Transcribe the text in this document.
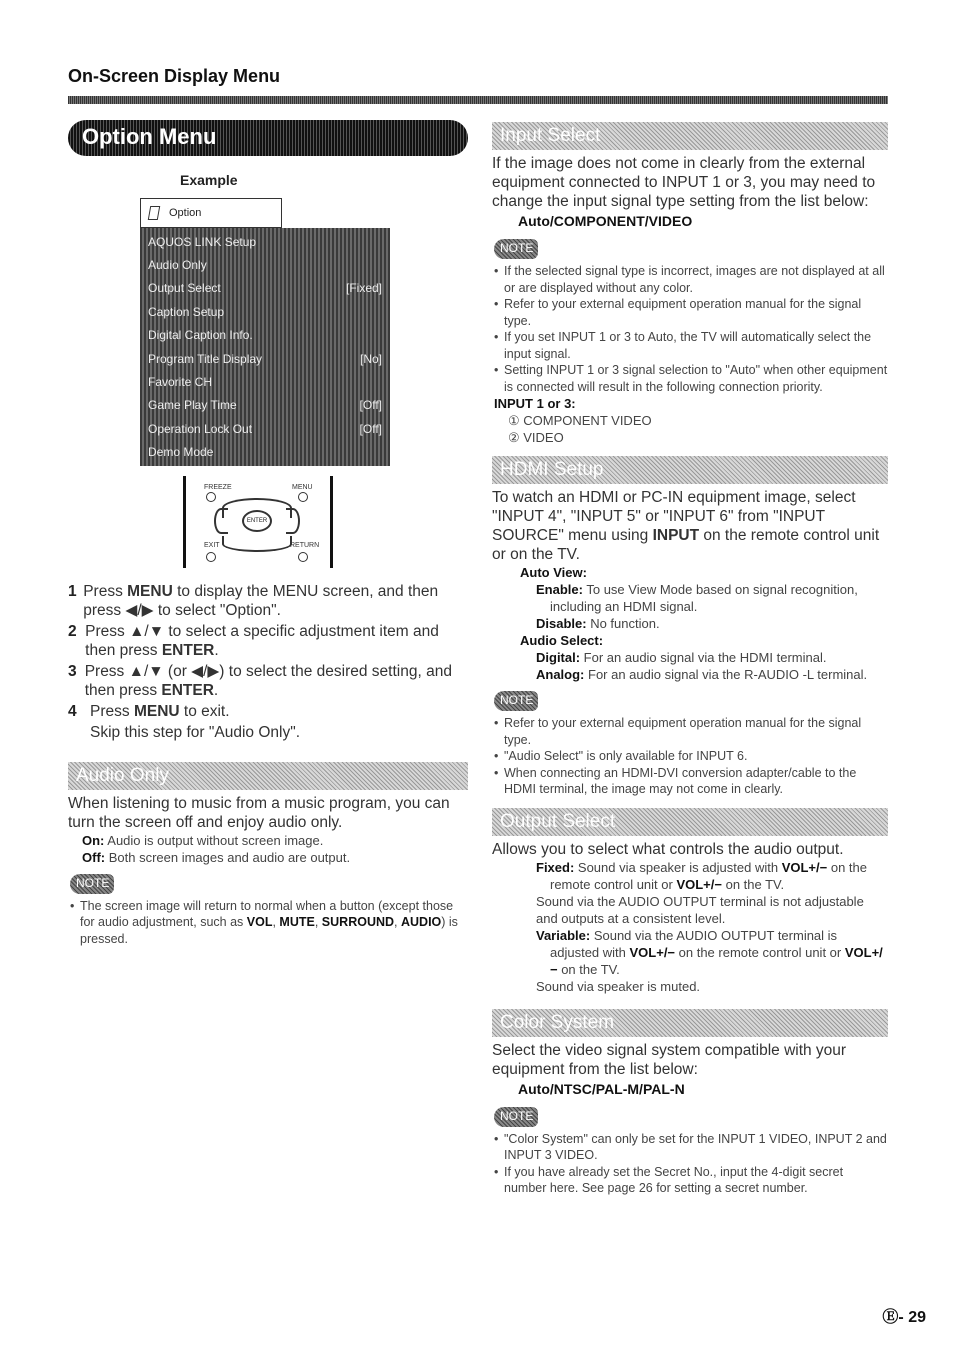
On-Screen Display Menu
Option Menu
Example
Option
AQUOS LINK Setup
Audio Only
Output Select	[Fixed]
Caption Setup
Digital Caption Info.
Program Title Display	[No]
Favorite CH
Game Play Time	[Off]
Operation Lock Out	[Off]
Demo Mode
FREEZE	MENU
ENTER
EXIT	RETURN
1 Press MENU to display the MENU screen, and then press ◀/▶ to select "Option".
2 Press ▲/▼ to select a specific adjustment item and then press ENTER.
3 Press ▲/▼ (or ◀/▶) to select the desired setting, and then press ENTER.
4 Press MENU to exit.
Skip this step for "Audio Only".
Audio Only
When listening to music from a music program, you can turn the screen off and enjoy audio only.
On: Audio is output without screen image.
Off: Both screen images and audio are output.
NOTE
• The screen image will return to normal when a button (except those for audio adjustment, such as VOL, MUTE, SURROUND, AUDIO) is pressed.
Input Select
If the image does not come in clearly from the external equipment connected to INPUT 1 or 3, you may need to change the input signal type setting from the list below:
Auto/COMPONENT/VIDEO
NOTE
• If the selected signal type is incorrect, images are not displayed at all or are displayed without any color.
• Refer to your external equipment operation manual for the signal type.
• If you set INPUT 1 or 3 to Auto, the TV will automatically select the input signal.
• Setting INPUT 1 or 3 signal selection to "Auto" when other equipment is connected will result in the following connection priority.
INPUT 1 or 3:
① COMPONENT VIDEO
② VIDEO
HDMI Setup
To watch an HDMI or PC-IN equipment image, select "INPUT 4", "INPUT 5" or "INPUT 6" from "INPUT SOURCE" menu using INPUT on the remote control unit or on the TV.
Auto View:
Enable: To use View Mode based on signal recognition, including an HDMI signal.
Disable: No function.
Audio Select:
Digital: For an audio signal via the HDMI terminal.
Analog: For an audio signal via the R-AUDIO -L terminal.
NOTE
• Refer to your external equipment operation manual for the signal type.
• "Audio Select" is only available for INPUT 6.
• When connecting an HDMI-DVI conversion adapter/cable to the HDMI terminal, the image may not come in clearly.
Output Select
Allows you to select what controls the audio output.
Fixed: Sound via speaker is adjusted with VOL+/− on the remote control unit or VOL+/− on the TV.
Sound via the AUDIO OUTPUT terminal is not adjustable and outputs at a consistent level.
Variable: Sound via the AUDIO OUTPUT terminal is adjusted with VOL+/− on the remote control unit or VOL+/− on the TV.
Sound via speaker is muted.
Color System
Select the video signal system compatible with your equipment from the list below:
Auto/NTSC/PAL-M/PAL-N
NOTE
• "Color System" can only be set for the INPUT 1 VIDEO, INPUT 2 and INPUT 3 VIDEO.
• If you have already set the Secret No., input the 4-digit secret number here. See page 26 for setting a secret number.
Ⓔ- 29
